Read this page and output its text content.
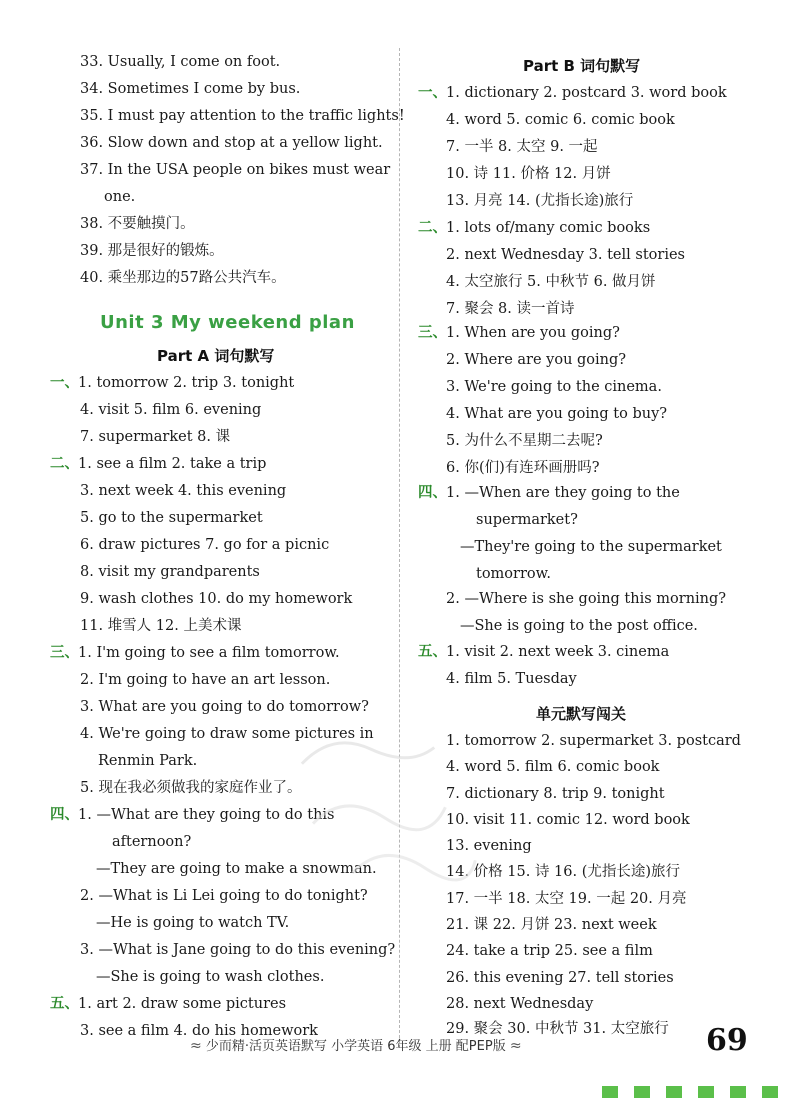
33. Usually, I come on foot.
34. Sometimes I come by bus.
35. I must pay attention to the traffic lights!
36. Slow down and stop at a yellow light.
37. In the USA people on bikes must wear
one.
38. 不要触摸门。
39. 那是很好的锻炼。
40. 乘坐那边的57路公共汽车。
Unit 3 My weekend plan
Part A 词句默写
一、 1. tomorrow 2. trip 3. tonight
4. visit 5. film 6. evening
7. supermarket 8. 课
二、 1. see a film 2. take a trip
3. next week 4. this evening
5. go to the supermarket
6. draw pictures 7. go for a picnic
8. visit my grandparents
9. wash clothes 10. do my homework
11. 堆雪人 12. 上美术课
三、 1. I'm going to see a film tomorrow.
2. I'm going to have an art lesson.
3. What are you going to do tomorrow?
4. We're going to draw some pictures in
Renmin Park.
5. 现在我必须做我的家庭作业了。
四、 1. —What are they going to do this
afternoon?
—They are going to make a snowman.
2. —What is Li Lei going to do tonight?
—He is going to watch TV.
3. —What is Jane going to do this evening?
—She is going to wash clothes.
五、 1. art 2. draw some pictures
3. see a film 4. do his homework
Part B 词句默写
一、 1. dictionary 2. postcard 3. word book
4. word 5. comic 6. comic book
7. 一半 8. 太空 9. 一起
10. 诗 11. 价格 12. 月饼
13. 月亮 14. (尤指长途)旅行
二、 1. lots of/many comic books
2. next Wednesday 3. tell stories
4. 太空旅行 5. 中秋节 6. 做月饼
7. 聚会 8. 读一首诗
三、 1. When are you going?
2. Where are you going?
3. We're going to the cinema.
4. What are you going to buy?
5. 为什么不星期二去呢?
6. 你(们)有连环画册吗?
四、 1. —When are they going to the
supermarket?
—They're going to the supermarket
tomorrow.
2. —Where is she going this morning?
—She is going to the post office.
五、 1. visit 2. next week 3. cinema
4. film 5. Tuesday
单元默写闯关
1. tomorrow 2. supermarket 3. postcard
4. word 5. film 6. comic book
7. dictionary 8. trip 9. tonight
10. visit 11. comic 12. word book
13. evening
14. 价格 15. 诗 16. (尤指长途)旅行
17. 一半 18. 太空 19. 一起 20. 月亮
21. 课 22. 月饼 23. next week
24. take a trip 25. see a film
26. this evening 27. tell stories
28. next Wednesday
29. 聚会 30. 中秋节 31. 太空旅行
≈ 少而精·活页英语默写 小学英语 6年级 上册 配PEP版 ≈	69
